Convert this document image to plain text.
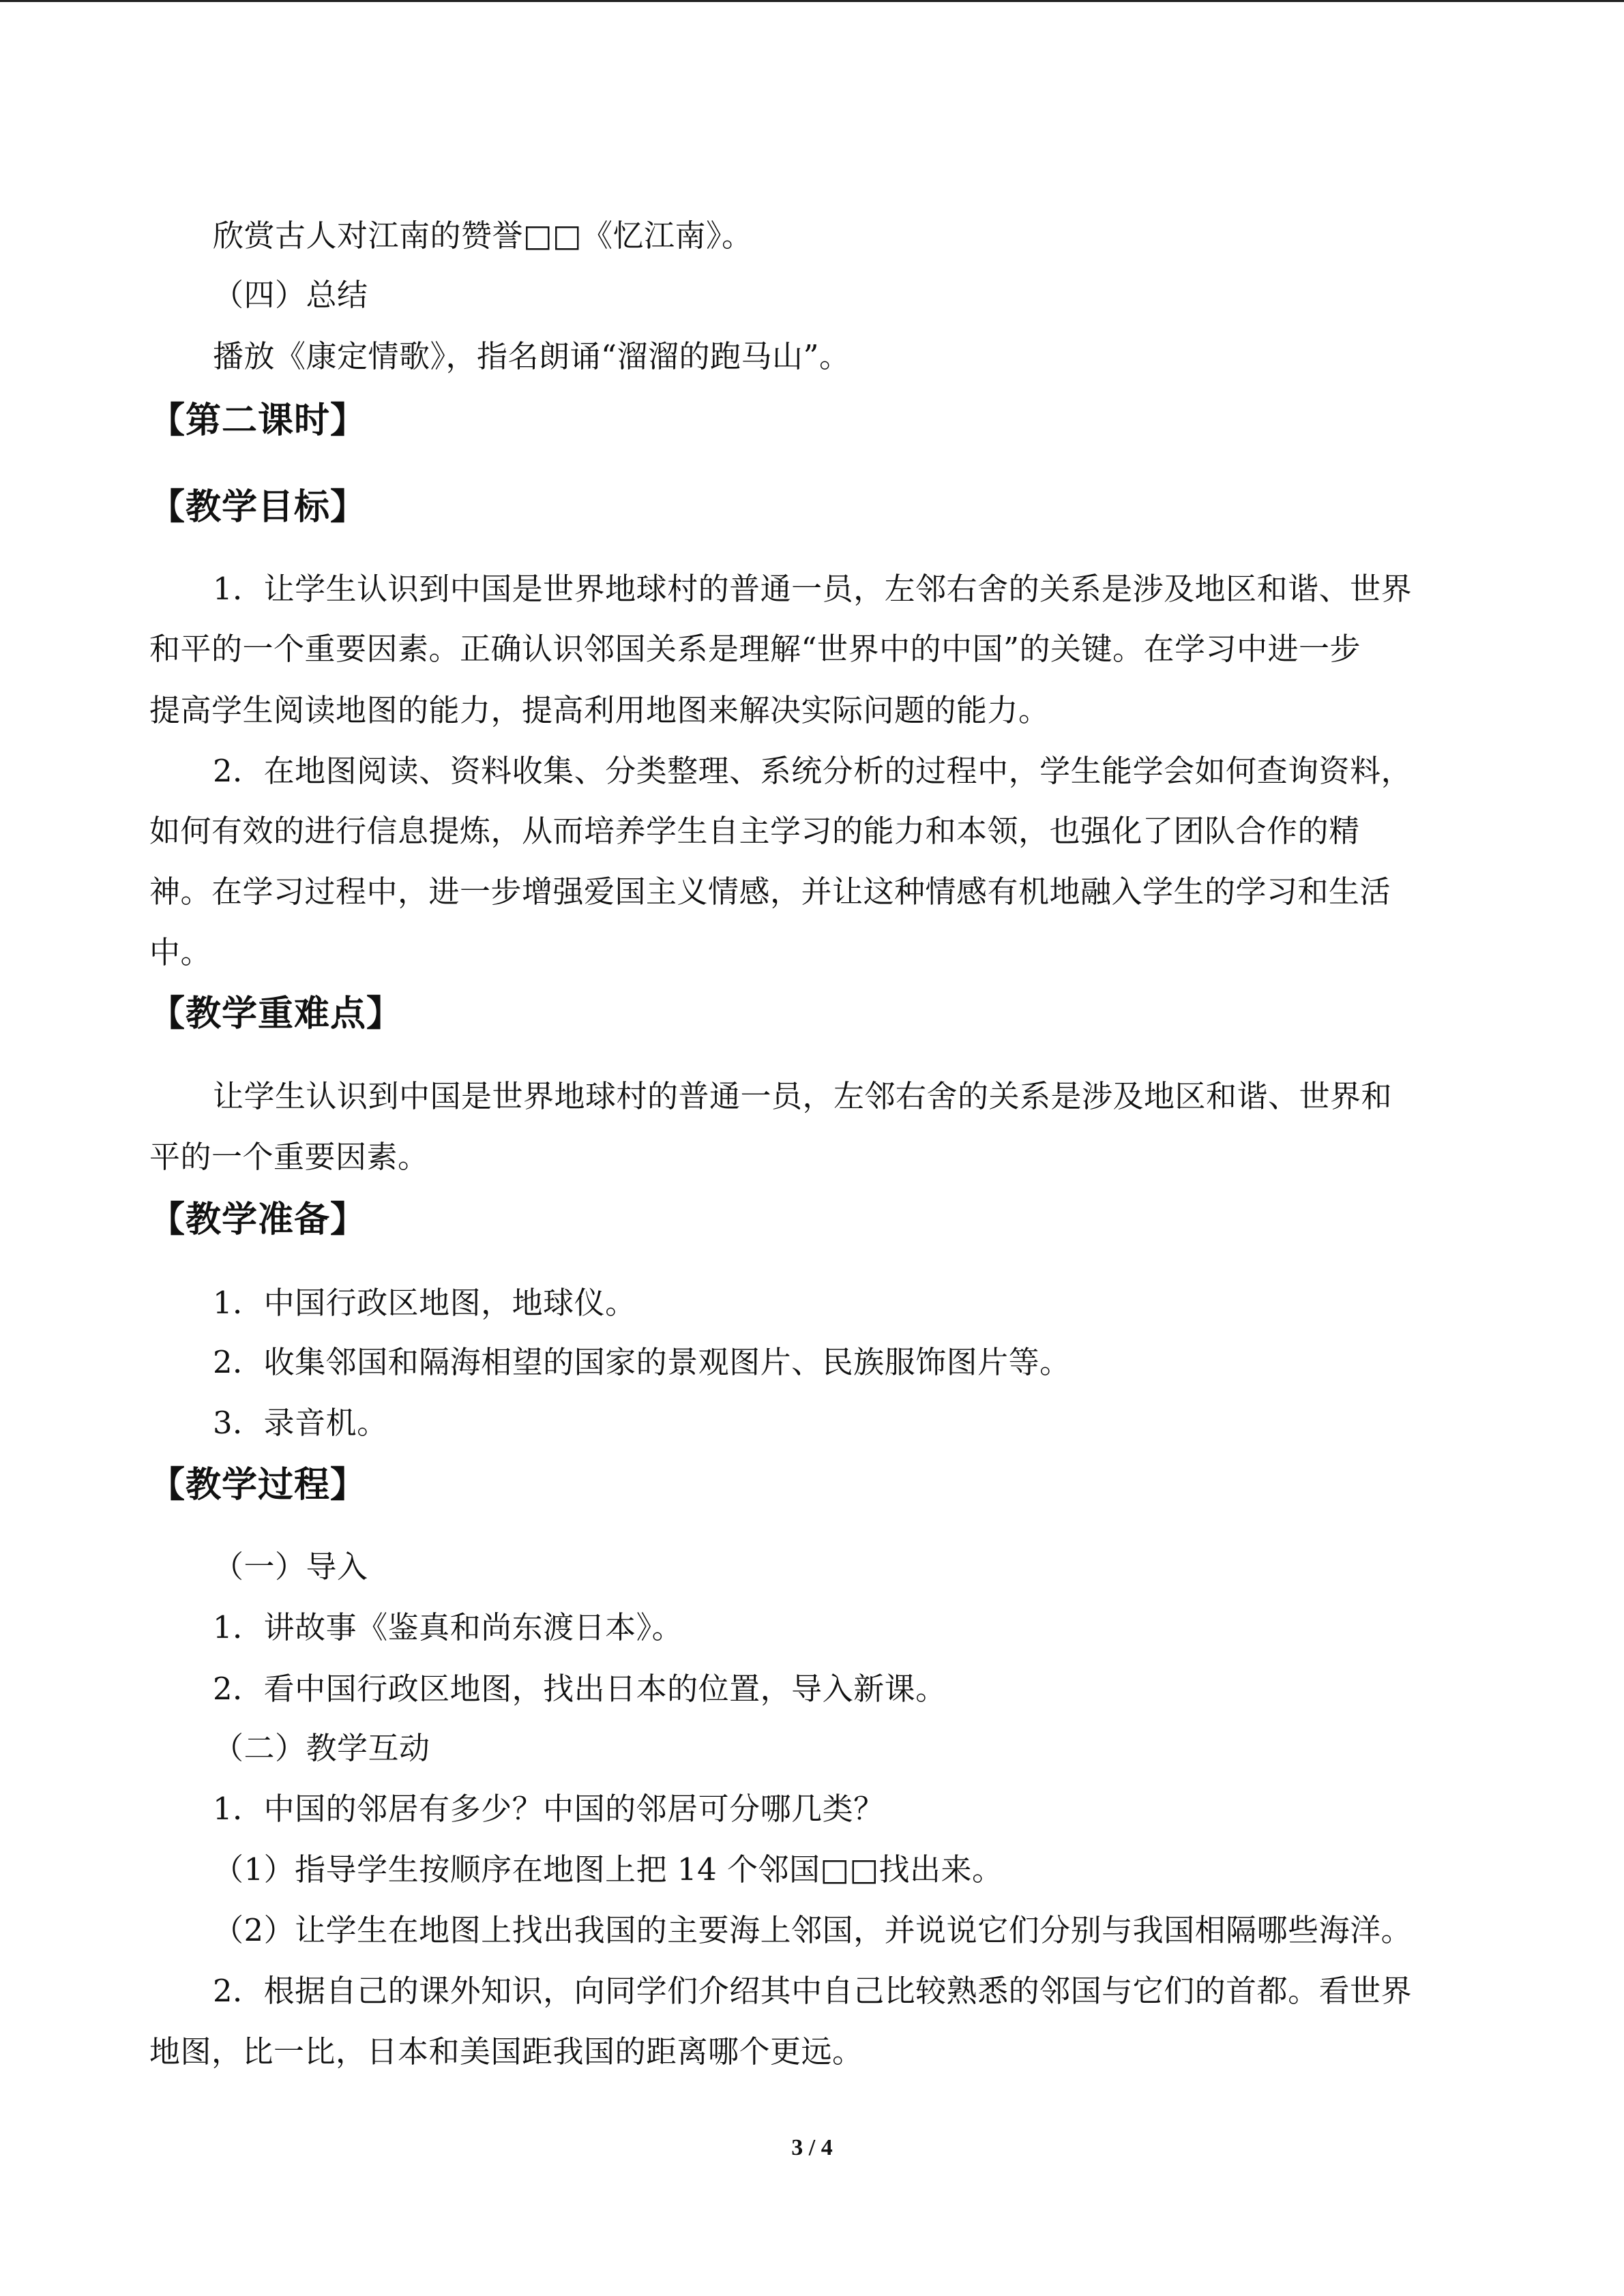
欣赏古人对江南的赞誉□□《忆江南》。
（四）总结
播放《康定情歌》，指名朗诵“溜溜的跑马山”。
【第二课时】
【教学目标】
1．让学生认识到中国是世界地球村的普通一员，左邻右舍的关系是涉及地区和谐、世界
和平的一个重要因素。正确认识邻国关系是理解“世界中的中国”的关键。在学习中进一步
提高学生阅读地图的能力，提高利用地图来解决实际问题的能力。
2．在地图阅读、资料收集、分类整理、系统分析的过程中，学生能学会如何查询资料，
如何有效的进行信息提炼，从而培养学生自主学习的能力和本领，也强化了团队合作的精
神。在学习过程中，进一步增强爱国主义情感，并让这种情感有机地融入学生的学习和生活
中。
【教学重难点】
让学生认识到中国是世界地球村的普通一员，左邻右舍的关系是涉及地区和谐、世界和
平的一个重要因素。
【教学准备】
1．中国行政区地图，地球仪。
2．收集邻国和隔海相望的国家的景观图片、民族服饰图片等。
3．录音机。
【教学过程】
（一）导入
1．讲故事《鉴真和尚东渡日本》。
2．看中国行政区地图，找出日本的位置，导入新课。
（二）教学互动
1．中国的邻居有多少？中国的邻居可分哪几类？
（1）指导学生按顺序在地图上把 14 个邻国□□找出来。
（2）让学生在地图上找出我国的主要海上邻国，并说说它们分别与我国相隔哪些海洋。
2．根据自己的课外知识，向同学们介绍其中自己比较熟悉的邻国与它们的首都。看世界
地图，比一比，日本和美国距我国的距离哪个更远。
3 / 4
